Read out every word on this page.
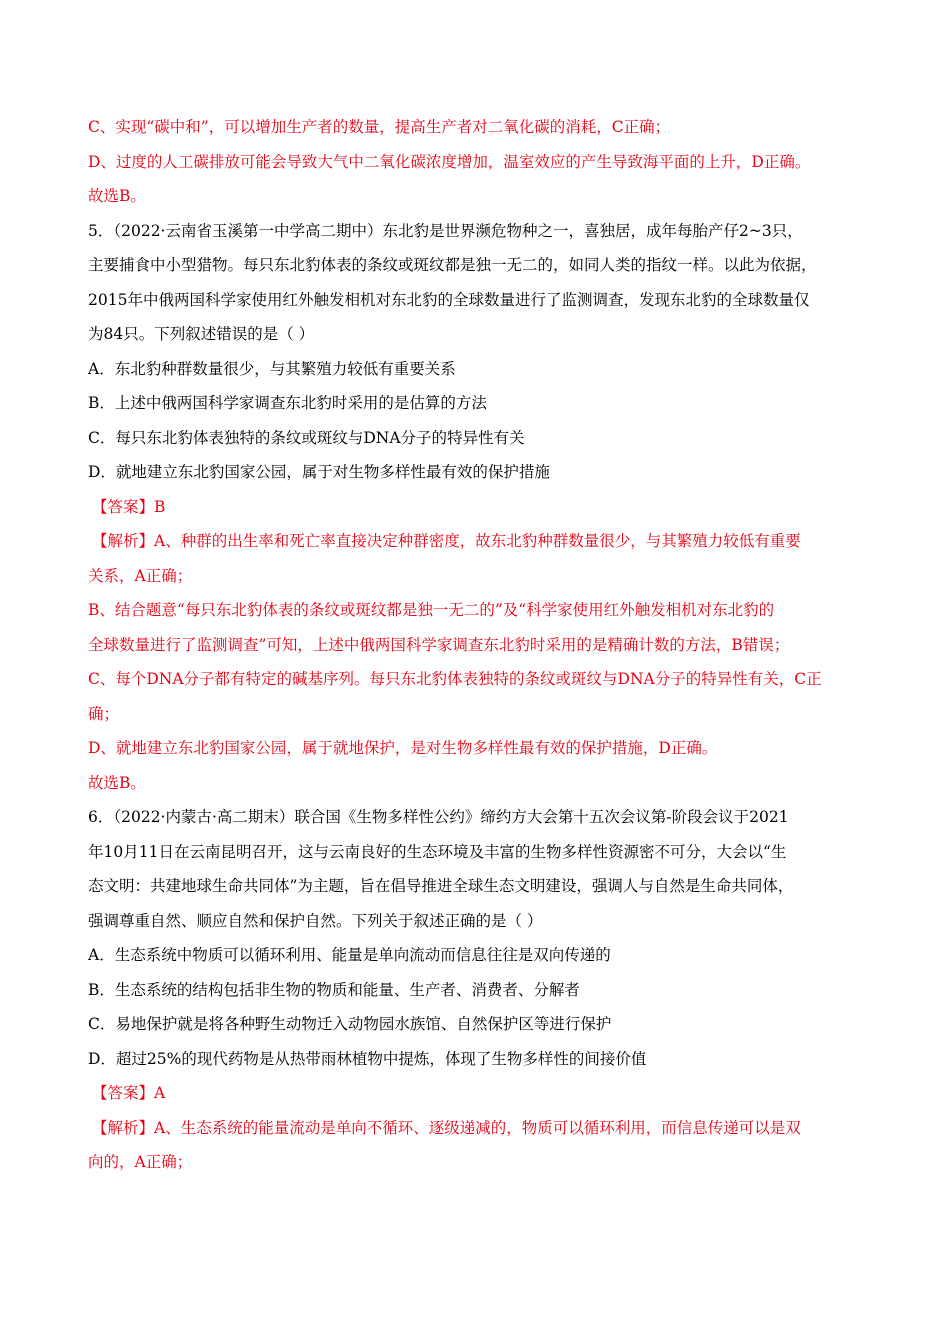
C、实现“碳中和”，可以增加生产者的数量，提高生产者对二氧化碳的消耗，C正确；
D、过度的人工碳排放可能会导致大气中二氧化碳浓度增加，温室效应的产生导致海平面的上升，D正确。
故选B。
5．（2022·云南省玉溪第一中学高二期中）东北豹是世界濒危物种之一，喜独居，成年每胎产仔2~3只，
主要捕食中小型猎物。每只东北豹体表的条纹或斑纹都是独一无二的，如同人类的指纹一样。以此为依据，
2015年中俄两国科学家使用红外触发相机对东北豹的全球数量进行了监测调查，发现东北豹的全球数量仅
为84只。下列叙述错误的是（ ）
A．东北豹种群数量很少，与其繁殖力较低有重要关系
B．上述中俄两国科学家调查东北豹时采用的是估算的方法
C．每只东北豹体表独特的条纹或斑纹与DNA分子的特异性有关
D．就地建立东北豹国家公园，属于对生物多样性最有效的保护措施
【答案】B
【解析】A、种群的出生率和死亡率直接决定种群密度，故东北豹种群数量很少，与其繁殖力较低有重要
关系，A正确；
B、结合题意“每只东北豹体表的条纹或斑纹都是独一无二的”及“科学家使用红外触发相机对东北豹的
全球数量进行了监测调查”可知，上述中俄两国科学家调查东北豹时采用的是精确计数的方法，B错误；
C、每个DNA分子都有特定的碱基序列。每只东北豹体表独特的条纹或斑纹与DNA分子的特异性有关，C正
确；
D、就地建立东北豹国家公园，属于就地保护，是对生物多样性最有效的保护措施，D正确。
故选B。
6．（2022·内蒙古·高二期末）联合国《生物多样性公约》缔约方大会第十五次会议第-阶段会议于2021
年10月11日在云南昆明召开，这与云南良好的生态环境及丰富的生物多样性资源密不可分，大会以“生
态文明：共建地球生命共同体”为主题，旨在倡导推进全球生态文明建设，强调人与自然是生命共同体，
强调尊重自然、顺应自然和保护自然。下列关于叙述正确的是（ ）
A．生态系统中物质可以循环利用、能量是单向流动而信息往往是双向传递的
B．生态系统的结构包括非生物的物质和能量、生产者、消费者、分解者
C．易地保护就是将各种野生动物迁入动物园水族馆、自然保护区等进行保护
D．超过25%的现代药物是从热带雨林植物中提炼，体现了生物多样性的间接价值
【答案】A
【解析】A、生态系统的能量流动是单向不循环、逐级递减的，物质可以循环利用，而信息传递可以是双
向的，A正确；
